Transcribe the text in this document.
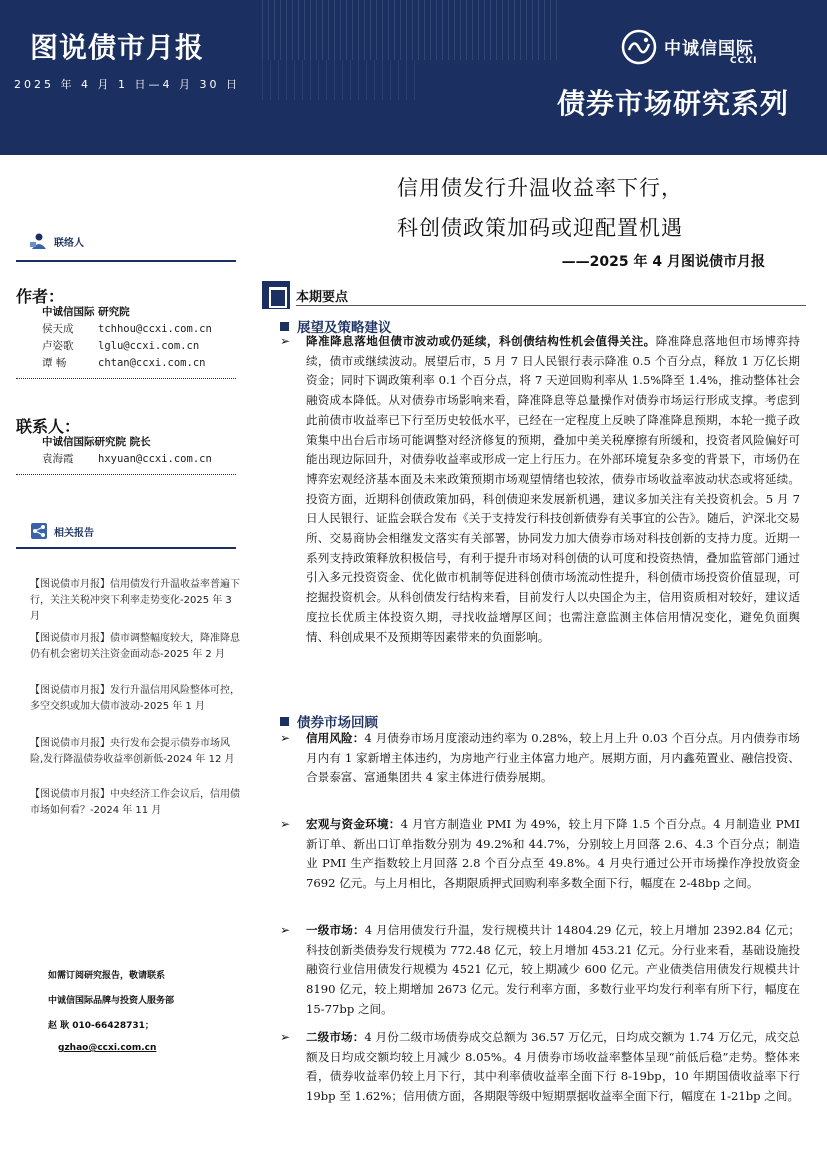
图说债市月报
2025 年 4 月 1 日—4 月 30 日
中诚信国际
CCXI
债券市场研究系列
信用债发行升温收益率下行，
科创债政策加码或迎配置机遇
——2025 年 4 月图说债市月报
联络人
作者：
中诚信国际 研究院
侯天成 tchhou@ccxi.com.cn
卢姿歌 lglu@ccxi.com.cn
谭 畅	chtan@ccxi.com.cn
联系人：
中诚信国际研究院 院长
袁海霞 hxyuan@ccxi.com.cn
相关报告
【图说债市月报】信用债发行升温收益率普遍下行，关注关税冲突下利率走势变化-2025 年 3 月
【图说债市月报】债市调整幅度较大，降准降息仍有机会密切关注资金面动态-2025 年 2 月
【图说债市月报】发行升温信用风险整体可控，多空交织或加大债市波动-2025 年 1 月
【图说债市月报】央行发布会提示债券市场风险,发行降温债券收益率创新低-2024 年 12 月
【图说债市月报】中央经济工作会议后，信用债市场如何看？-2024 年 11 月
如需订阅研究报告，敬请联系
中诚信国际品牌与投资人服务部
赵 耿 010-66428731；
gzhao@ccxi.com.cn
本期要点
展望及策略建议
➢ 降准降息落地但债市波动或仍延续，科创债结构性机会值得关注。降准降息落地但市场博弈持续，债市或继续波动。展望后市，5 月 7 日人民银行表示降准 0.5 个百分点，释放 1 万亿长期资金；同时下调政策利率 0.1 个百分点，将 7 天逆回购利率从 1.5%降至 1.4%，推动整体社会融资成本降低。从对债券市场影响来看，降准降息等总量操作对债券市场运行形成支撑。考虑到此前债市收益率已下行至历史较低水平，已经在一定程度上反映了降准降息预期，本轮一揽子政策集中出台后市场可能调整对经济修复的预期，叠加中美关税摩擦有所缓和，投资者风险偏好可能出现边际回升，对债券收益率或形成一定上行压力。在外部环境复杂多变的背景下，市场仍在博弈宏观经济基本面及未来政策预期市场观望情绪也较浓，债券市场收益率波动状态或将延续。投资方面，近期科创债政策加码，科创债迎来发展新机遇，建议多加关注有关投资机会。5 月 7 日人民银行、证监会联合发布《关于支持发行科技创新债券有关事宜的公告》。随后，沪深北交易所、交易商协会相继发文落实有关部署，协同发力加大债券市场对科技创新的支持力度。近期一系列支持政策释放积极信号，有利于提升市场对科创债的认可度和投资热情，叠加监管部门通过引入多元投资资金、优化做市机制等促进科创债市场流动性提升，科创债市场投资价值显现，可挖掘投资机会。从科创债发行结构来看，目前发行人以央国企为主，信用资质相对较好，建议适度拉长优质主体投资久期，寻找收益增厚区间；也需注意监测主体信用情况变化，避免负面舆情、科创成果不及预期等因素带来的负面影响。
债券市场回顾
➢ 信用风险：4 月债券市场月度滚动违约率为 0.28%，较上月上升 0.03 个百分点。月内债券市场月内有 1 家新增主体违约，为房地产行业主体富力地产。展期方面，月内鑫苑置业、融信投资、合景泰富、富通集团共 4 家主体进行债券展期。
➢ 宏观与资金环境：4 月官方制造业 PMI 为 49%，较上月下降 1.5 个百分点。4 月制造业 PMI 新订单、新出口订单指数分别为 49.2%和 44.7%，分别较上月回落 2.6、4.3 个百分点；制造业 PMI 生产指数较上月回落 2.8 个百分点至 49.8%。4 月央行通过公开市场操作净投放资金 7692 亿元。与上月相比，各期限质押式回购利率多数全面下行，幅度在 2-48bp 之间。
➢ 一级市场：4 月信用债发行升温，发行规模共计 14804.29 亿元，较上月增加 2392.84 亿元；科技创新类债券发行规模为 772.48 亿元，较上月增加 453.21 亿元。分行业来看，基础设施投融资行业信用债发行规模为 4521 亿元，较上期减少 600 亿元。产业债类信用债发行规模共计 8190 亿元，较上期增加 2673 亿元。发行利率方面，多数行业平均发行利率有所下行，幅度在 15-77bp 之间。
➢ 二级市场：4 月份二级市场债券成交总额为 36.57 万亿元，日均成交额为 1.74 万亿元，成交总额及日均成交额均较上月减少 8.05%。4 月债券市场收益率整体呈现“前低后稳”走势。整体来看，债券收益率仍较上月下行，其中利率债收益率全面下行 8-19bp，10 年期国债收益率下行 19bp 至 1.62%；信用债方面，各期限等级中短期票据收益率全面下行，幅度在 1-21bp 之间。
